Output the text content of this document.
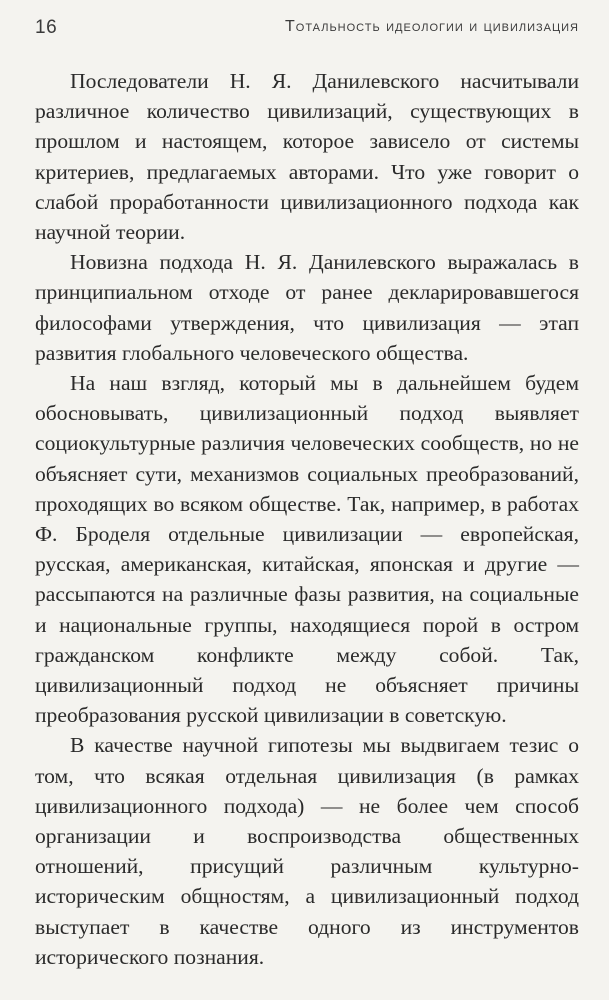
16	Тотальность идеологии и цивилизация

Последователи Н. Я. Данилевского насчитывали различное количество цивилизаций, существующих в прошлом и настоящем, которое зависело от системы критериев, предлагаемых авторами. Что уже говорит о слабой проработанности цивилизационного подхода как научной теории.

Новизна подхода Н. Я. Данилевского выражалась в принципиальном отходе от ранее декларировавшегося философами утверждения, что цивилизация — этап развития глобального человеческого общества.

На наш взгляд, который мы в дальнейшем будем обосновывать, цивилизационный подход выявляет социокультурные различия человеческих сообществ, но не объясняет сути, механизмов социальных преобразований, проходящих во всяком обществе. Так, например, в работах Ф. Броделя отдельные цивилизации — европейская, русская, американская, китайская, японская и другие — рассыпаются на различные фазы развития, на социальные и национальные группы, находящиеся порой в остром гражданском конфликте между собой. Так, цивилизационный подход не объясняет причины преобразования русской цивилизации в советскую.

В качестве научной гипотезы мы выдвигаем тезис о том, что всякая отдельная цивилизация (в рамках цивилизационного подхода) — не более чем способ организации и воспроизводства общественных отношений, присущий различным культурно-историческим общностям, а цивилизационный подход выступает в качестве одного из инструментов исторического познания.
